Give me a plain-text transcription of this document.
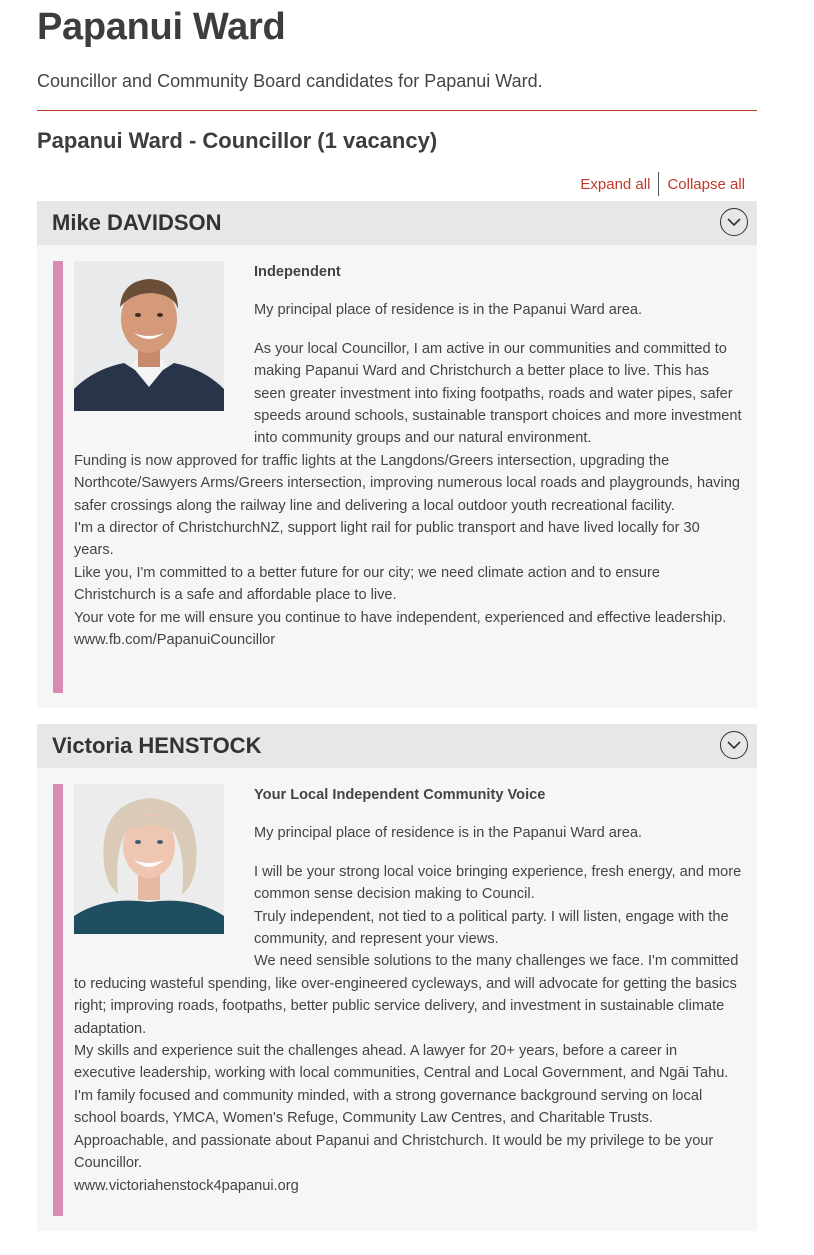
Papanui Ward

Councillor and Community Board candidates for Papanui Ward.

Papanui Ward - Councillor (1 vacancy)
Expand all	Collapse all
Mike DAVIDSON

Independent

My principal place of residence is in the Papanui Ward area.

As your local Councillor, I am active in our communities and committed to making Papanui Ward and Christchurch a better place to live. This has seen greater investment into fixing footpaths, roads and water pipes, safer speeds around schools, sustainable transport choices and more investment into community groups and our natural environment.
Funding is now approved for traffic lights at the Langdons/Greers intersection, upgrading the Northcote/Sawyers Arms/Greers intersection, improving numerous local roads and playgrounds, having safer crossings along the railway line and delivering a local outdoor youth recreational facility.
I'm a director of ChristchurchNZ, support light rail for public transport and have lived locally for 30 years.
Like you, I'm committed to a better future for our city; we need climate action and to ensure Christchurch is a safe and affordable place to live.
Your vote for me will ensure you continue to have independent, experienced and effective leadership.
www.fb.com/PapanuiCouncillor
Victoria HENSTOCK

Your Local Independent Community Voice

My principal place of residence is in the Papanui Ward area.

I will be your strong local voice bringing experience, fresh energy, and more common sense decision making to Council.
Truly independent, not tied to a political party. I will listen, engage with the community, and represent your views.
We need sensible solutions to the many challenges we face. I'm committed to reducing wasteful spending, like over-engineered cycleways, and will advocate for getting the basics right; improving roads, footpaths, better public service delivery, and investment in sustainable climate adaptation.
My skills and experience suit the challenges ahead. A lawyer for 20+ years, before a career in executive leadership, working with local communities, Central and Local Government, and Ngāi Tahu.
I'm family focused and community minded, with a strong governance background serving on local school boards, YMCA, Women's Refuge, Community Law Centres, and Charitable Trusts.
Approachable, and passionate about Papanui and Christchurch. It would be my privilege to be your Councillor.
www.victoriahenstock4papanui.org
